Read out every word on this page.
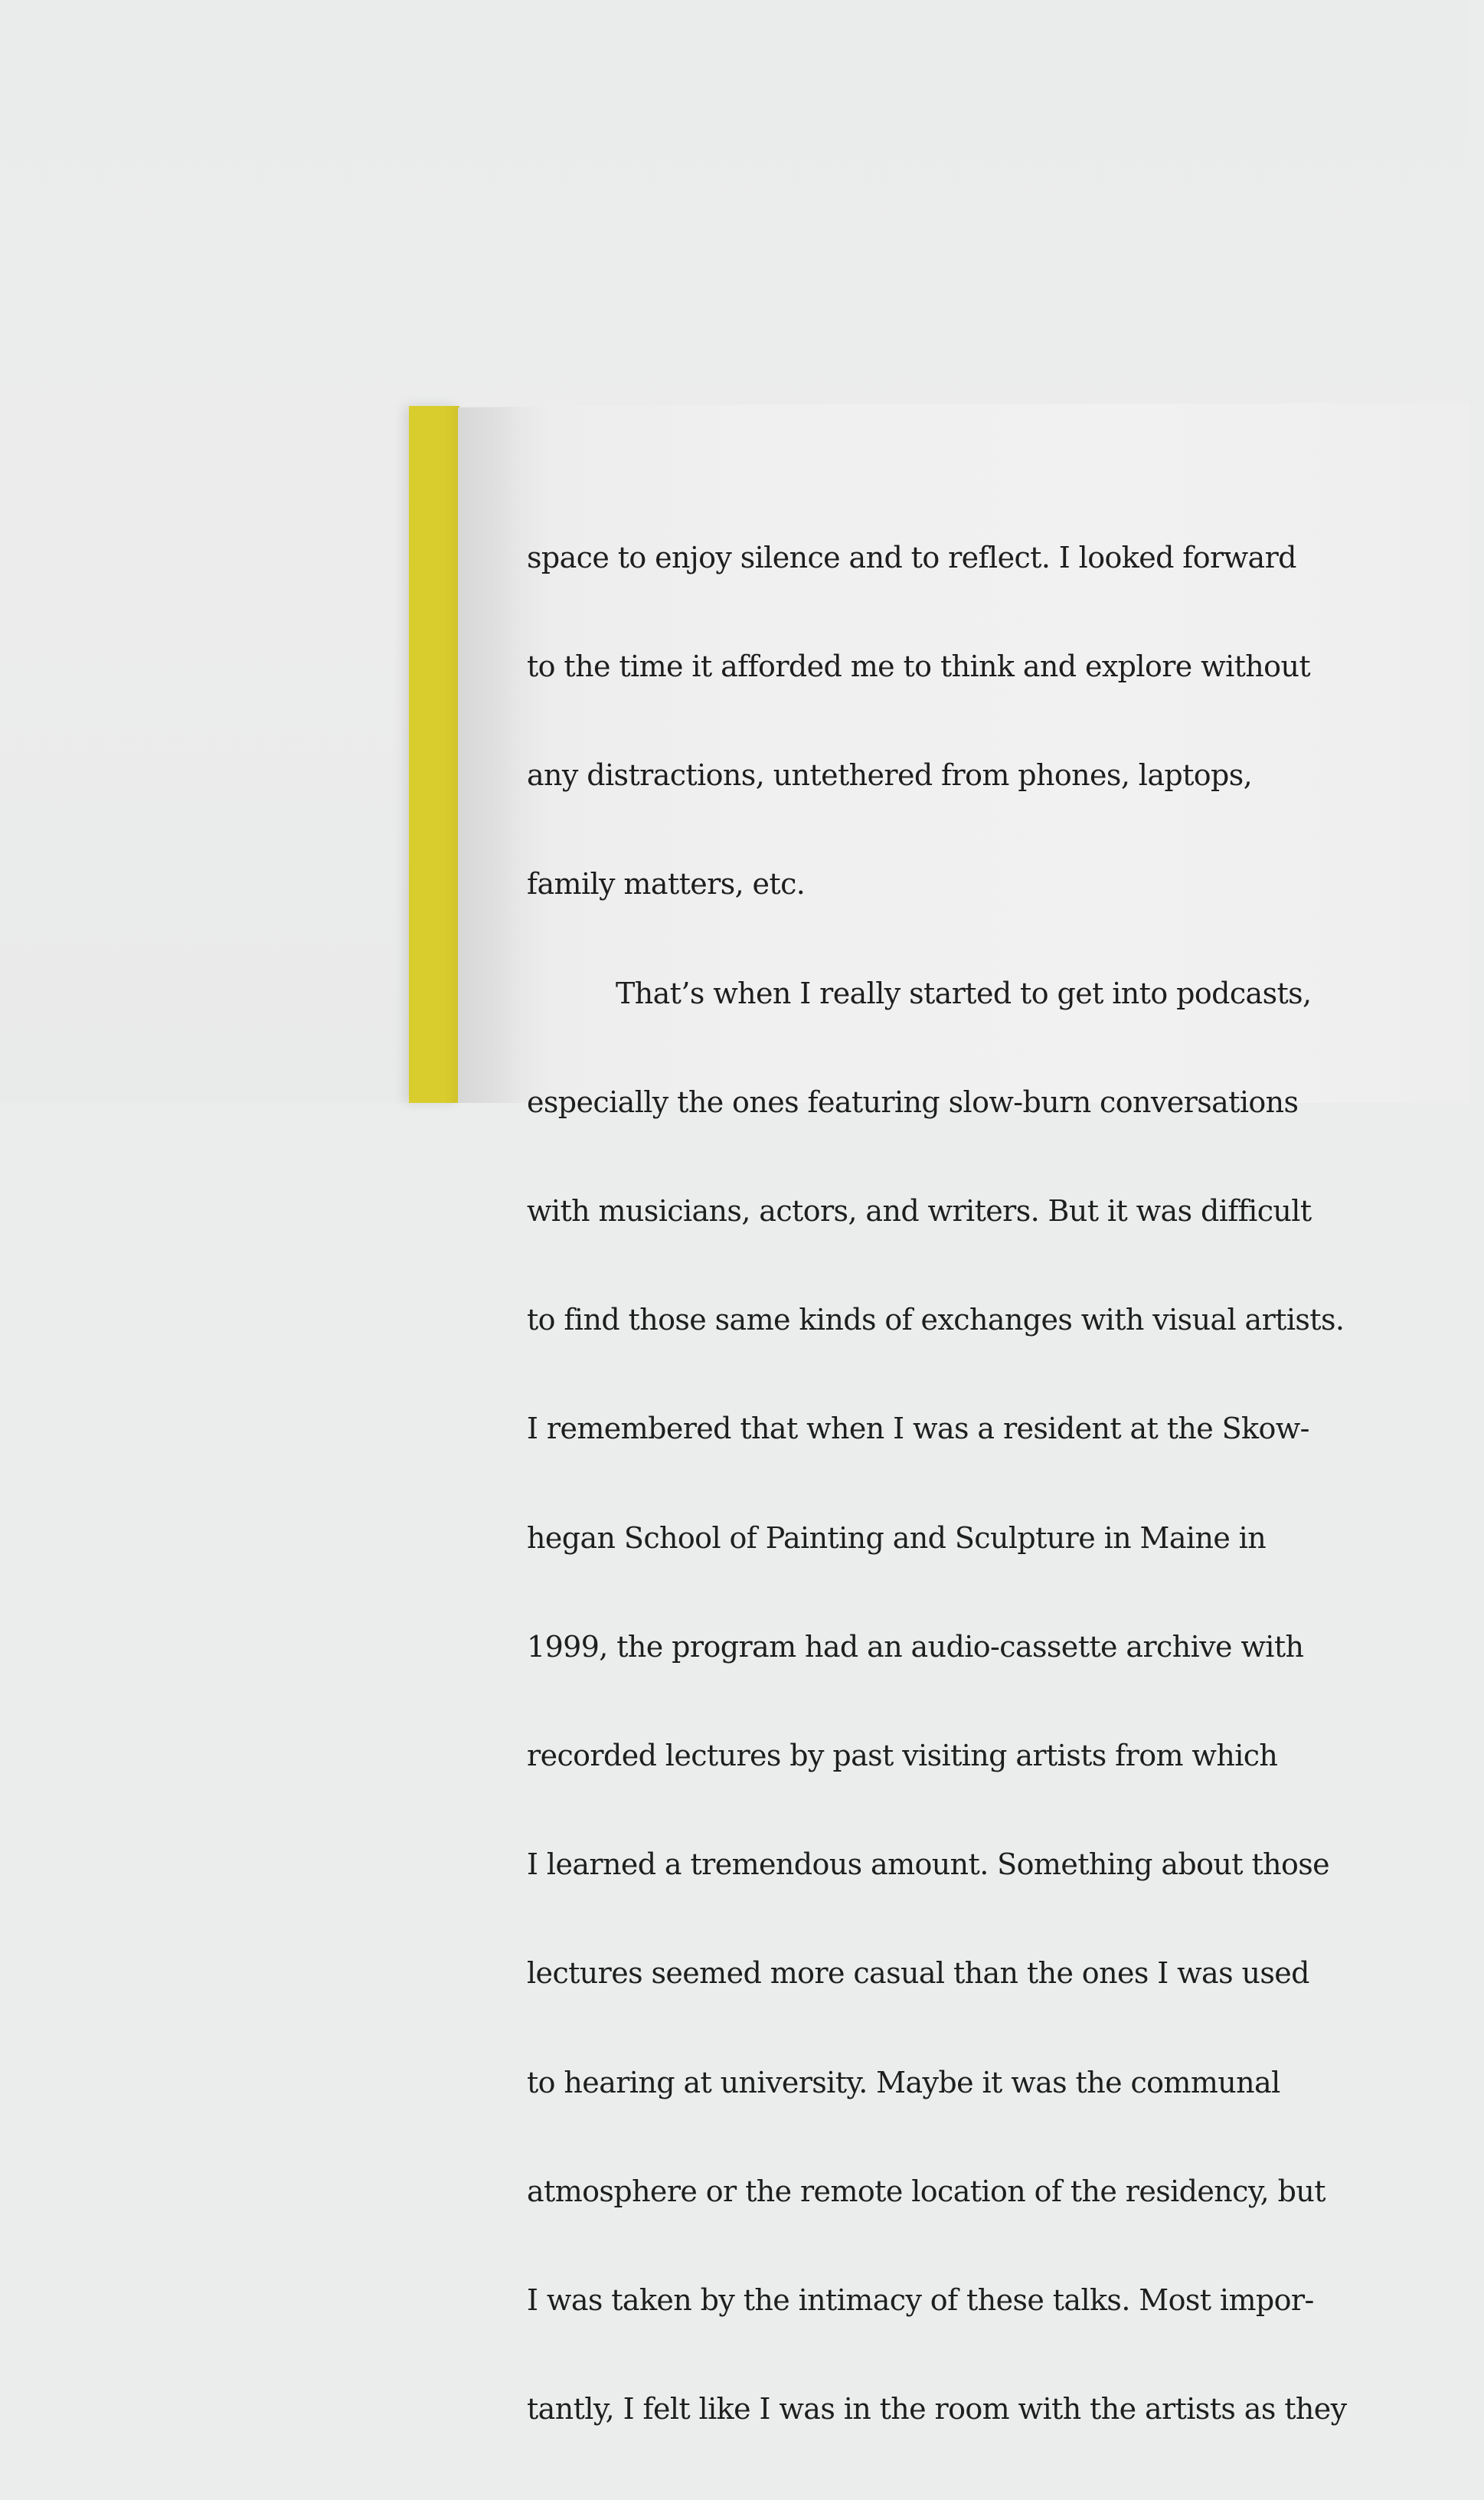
space to enjoy silence and to reflect. I looked forward

to the time it afforded me to think and explore without

any distractions, untethered from phones, laptops,

family matters, etc.

That’s when I really started to get into podcasts,

especially the ones featuring slow-burn conversations

with musicians, actors, and writers. But it was difficult

to find those same kinds of exchanges with visual artists.

I remembered that when I was a resident at the Skow-

hegan School of Painting and Sculpture in Maine in

1999, the program had an audio-cassette archive with

recorded lectures by past visiting artists from which

I learned a tremendous amount. Something about those

lectures seemed more casual than the ones I was used

to hearing at university. Maybe it was the communal

atmosphere or the remote location of the residency, but

I was taken by the intimacy of these talks. Most impor-

tantly, I felt like I was in the room with the artists as they
